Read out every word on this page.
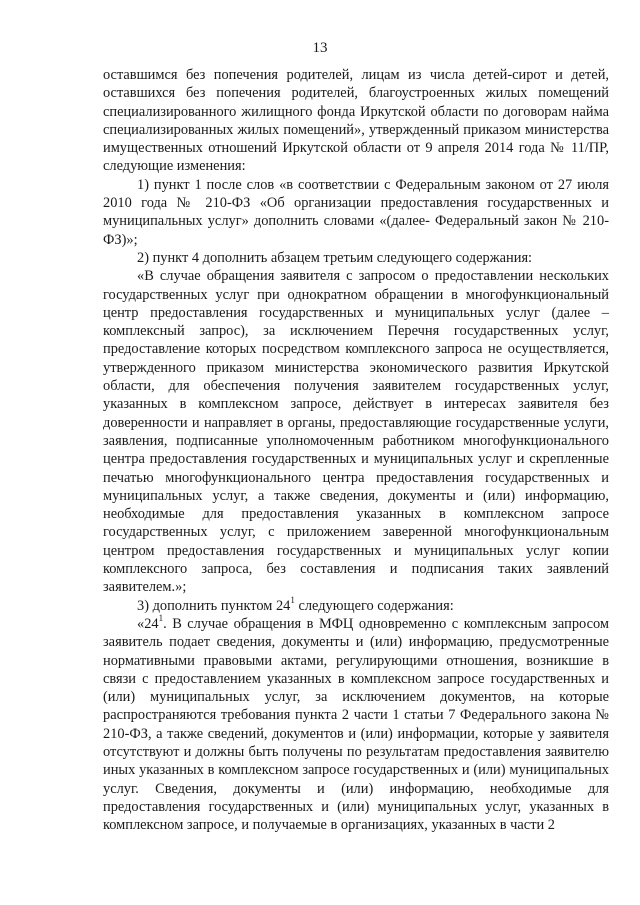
13

оставшимся без попечения родителей, лицам из числа детей-сирот и детей, оставшихся без попечения родителей, благоустроенных жилых помещений специализированного жилищного фонда Иркутской области по договорам найма специализированных жилых помещений», утвержденный приказом министерства имущественных отношений Иркутской области от 9 апреля 2014 года № 11/ПР, следующие изменения:

1) пункт 1 после слов «в соответствии с Федеральным законом от 27 июля 2010 года № 210-ФЗ «Об организации предоставления государственных и муниципальных услуг» дополнить словами «(далее- Федеральный закон № 210-ФЗ)»;

2) пункт 4 дополнить абзацем третьим следующего содержания:

«В случае обращения заявителя с запросом о предоставлении нескольких государственных услуг при однократном обращении в многофункциональный центр предоставления государственных и муниципальных услуг (далее – комплексный запрос), за исключением Перечня государственных услуг, предоставление которых посредством комплексного запроса не осуществляется, утвержденного приказом министерства экономического развития Иркутской области, для обеспечения получения заявителем государственных услуг, указанных в комплексном запросе, действует в интересах заявителя без доверенности и направляет в органы, предоставляющие государственные услуги, заявления, подписанные уполномоченным работником многофункционального центра предоставления государственных и муниципальных услуг и скрепленные печатью многофункционального центра предоставления государственных и муниципальных услуг, а также сведения, документы и (или) информацию, необходимые для предоставления указанных в комплексном запросе государственных услуг, с приложением заверенной многофункциональным центром предоставления государственных и муниципальных услуг копии комплексного запроса, без составления и подписания таких заявлений заявителем.»;

3) дополнить пунктом $24^1$ следующего содержания:

«$24^1$. В случае обращения в МФЦ одновременно с комплексным запросом заявитель подает сведения, документы и (или) информацию, предусмотренные нормативными правовыми актами, регулирующими отношения, возникшие в связи с предоставлением указанных в комплексном запросе государственных и (или) муниципальных услуг, за исключением документов, на которые распространяются требования пункта 2 части 1 статьи 7 Федерального закона № 210-ФЗ, а также сведений, документов и (или) информации, которые у заявителя отсутствуют и должны быть получены по результатам предоставления заявителю иных указанных в комплексном запросе государственных и (или) муниципальных услуг. Сведения, документы и (или) информацию, необходимые для предоставления государственных и (или) муниципальных услуг, указанных в комплексном запросе, и получаемые в организациях, указанных в части 2
